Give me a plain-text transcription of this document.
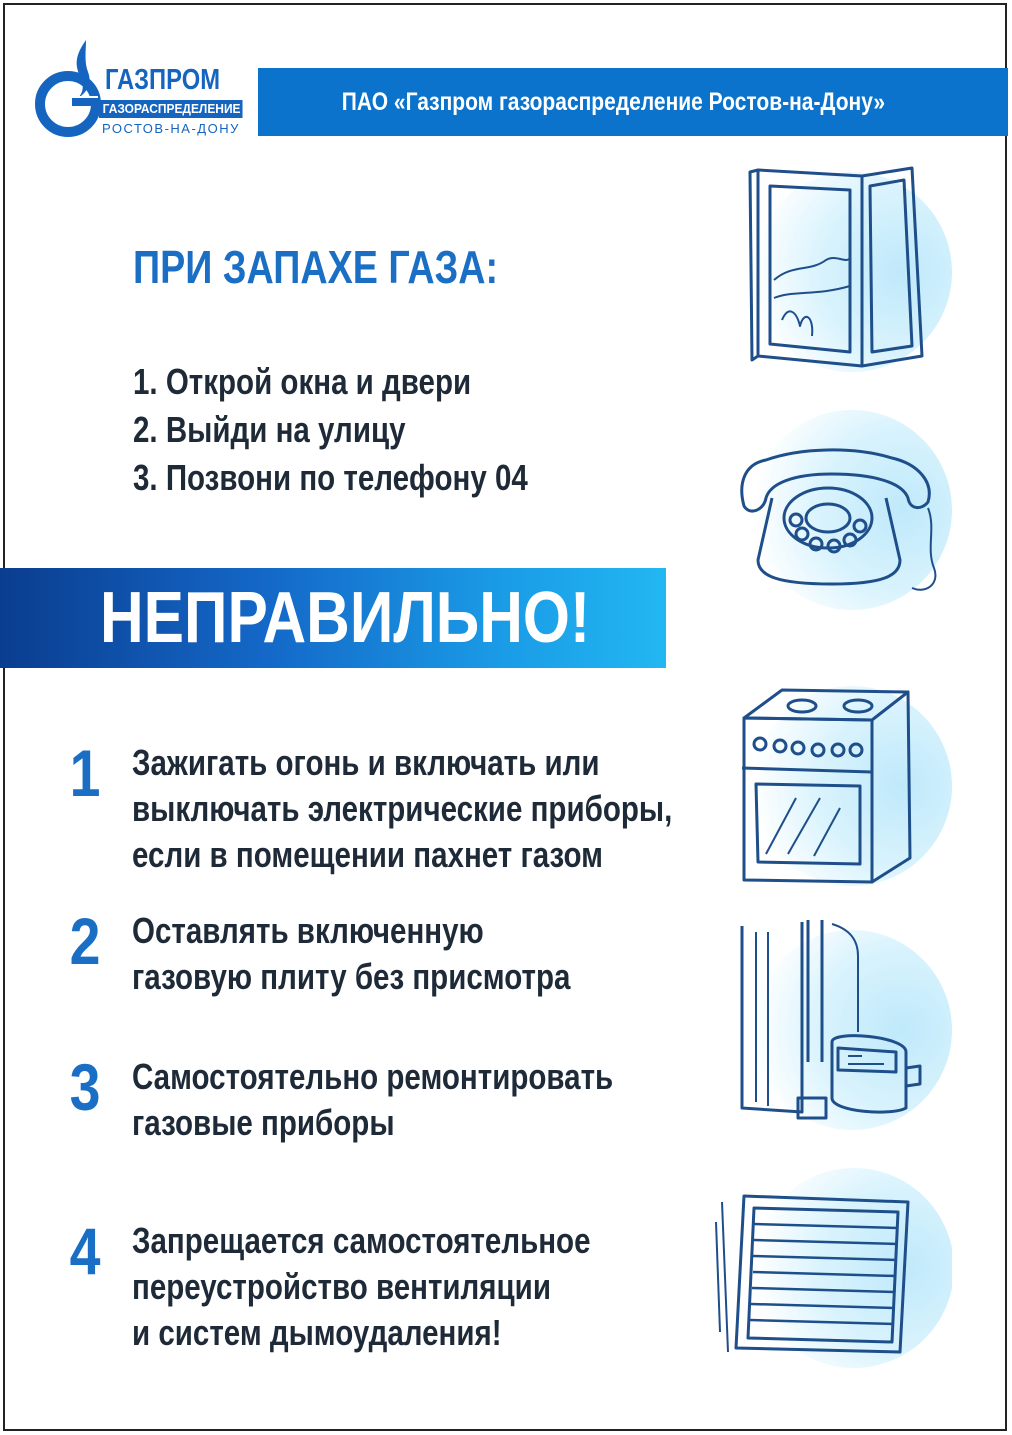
ГАЗПРОМ
ГАЗОРАСПРЕДЕЛЕНИЕ
РОСТОВ-НА-ДОНУ
ПАО «Газпром газораспределение Ростов-на-Дону»
ПРИ ЗАПАХЕ ГАЗА:
1. Открой окна и двери
2. Выйди на улицу
3. Позвони по телефону 04
НЕПРАВИЛЬНО!
1 Зажигать огонь и включать или
выключать электрические приборы,
если в помещении пахнет газом
2 Оставлять включенную
газовую плиту без присмотра
3 Самостоятельно ремонтировать
газовые приборы
4 Запрещается самостоятельное
переустройство вентиляции
и систем дымоудаления!
